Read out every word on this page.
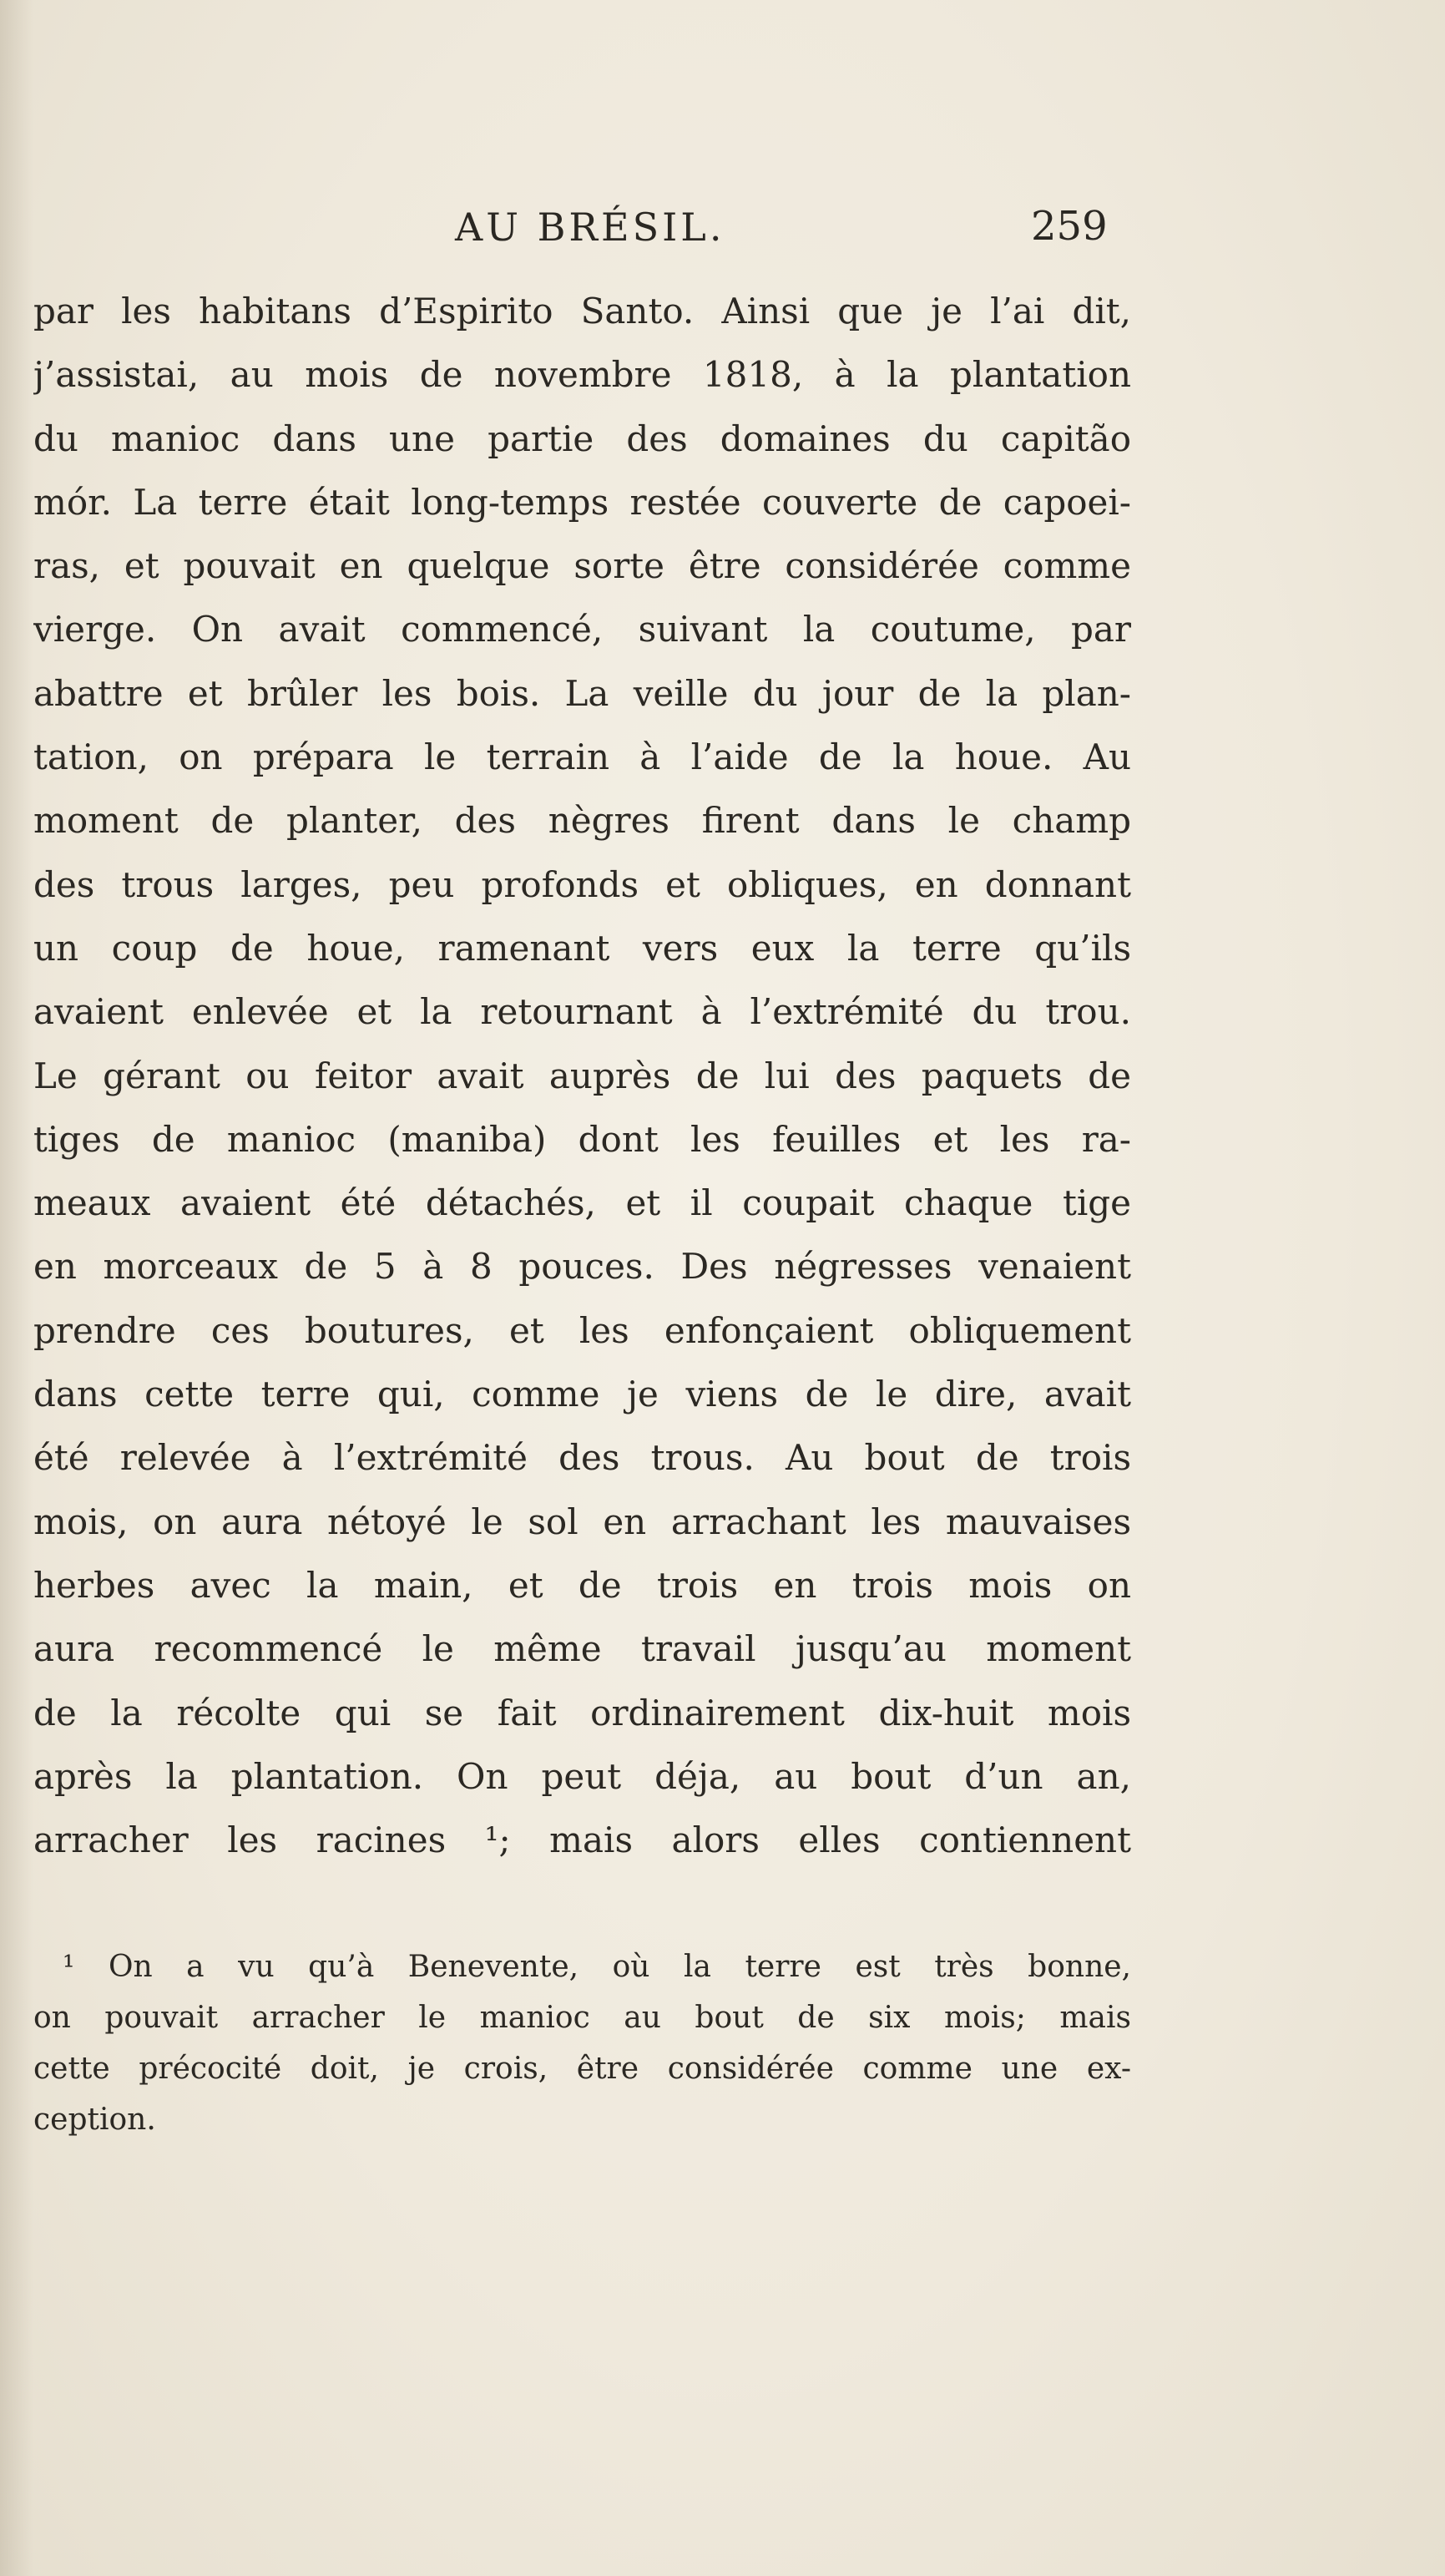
AU BRÉSIL.	259
par les habitans d’Espirito Santo. Ainsi que je l’ai dit,
j’assistai, au mois de novembre 1818, à la plantation
du manioc dans une partie des domaines du capitão
mór. La terre était long-temps restée couverte de capoei-
ras, et pouvait en quelque sorte être considérée comme
vierge. On avait commencé, suivant la coutume, par
abattre et brûler les bois. La veille du jour de la plan-
tation, on prépara le terrain à l’aide de la houe. Au
moment de planter, des nègres firent dans le champ
des trous larges, peu profonds et obliques, en donnant
un coup de houe, ramenant vers eux la terre qu’ils
avaient enlevée et la retournant à l’extrémité du trou.
Le gérant ou feitor avait auprès de lui des paquets de
tiges de manioc (maniba) dont les feuilles et les ra-
meaux avaient été détachés, et il coupait chaque tige
en morceaux de 5 à 8 pouces. Des négresses venaient
prendre ces boutures, et les enfonçaient obliquement
dans cette terre qui, comme je viens de le dire, avait
été relevée à l’extrémité des trous. Au bout de trois
mois, on aura nétoyé le sol en arrachant les mauvaises
herbes avec la main, et de trois en trois mois on
aura recommencé le même travail jusqu’au moment
de la récolte qui se fait ordinairement dix-huit mois
après la plantation. On peut déja, au bout d’un an,
arracher les racines ¹; mais alors elles contiennent
¹ On a vu qu’à Benevente, où la terre est très bonne,
on pouvait arracher le manioc au bout de six mois; mais
cette précocité doit, je crois, être considérée comme une ex-
ception.
